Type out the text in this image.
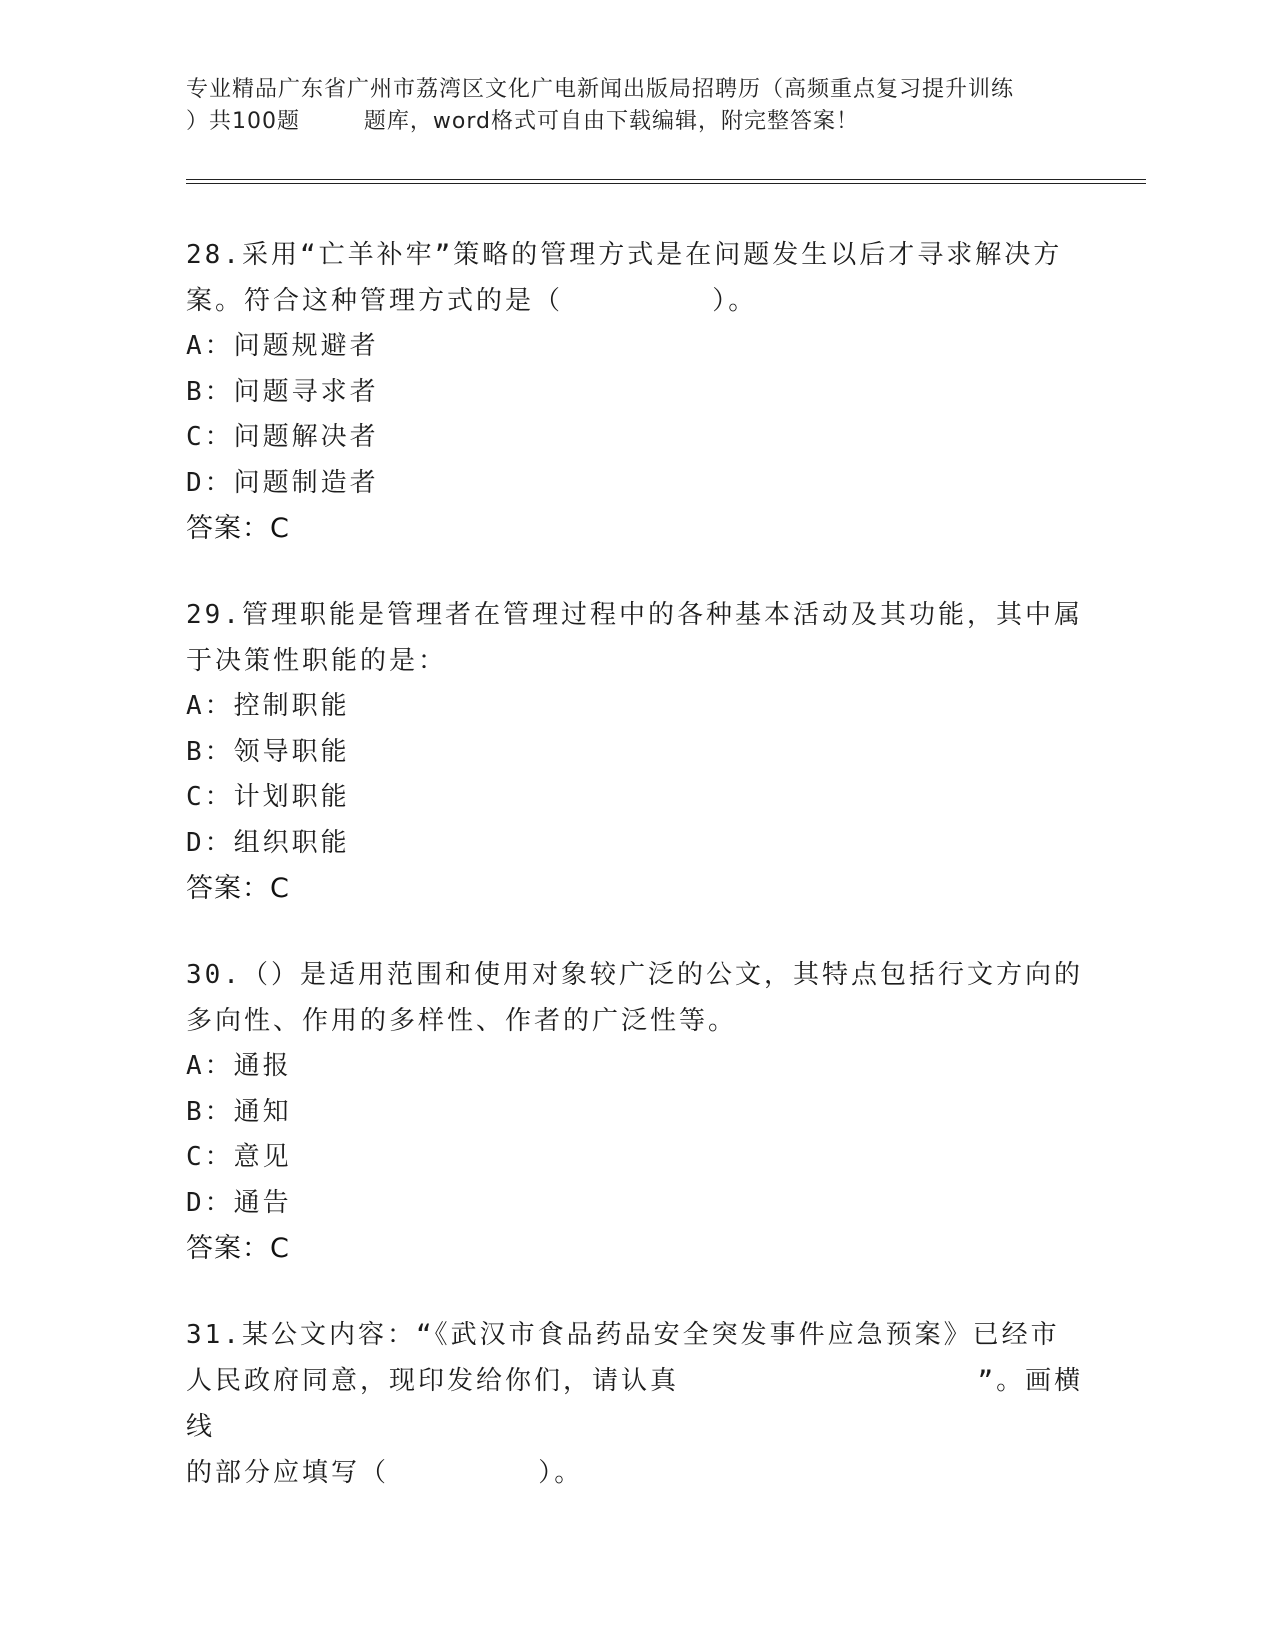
专业精品广东省广州市荔湾区文化广电新闻出版局招聘历（高频重点复习提升训练
）共100题        题库，word格式可自由下载编辑，附完整答案！
28.采用“亡羊补牢”策略的管理方式是在问题发生以后才寻求解决方
案。符合这种管理方式的是（        ）。
A：问题规避者
B：问题寻求者
C：问题解决者
D：问题制造者
答案：C
29.管理职能是管理者在管理过程中的各种基本活动及其功能，其中属
于决策性职能的是：
A：控制职能
B：领导职能
C：计划职能
D：组织职能
答案：C
30.（）是适用范围和使用对象较广泛的公文，其特点包括行文方向的
多向性、作用的多样性、作者的广泛性等。
A：通报
B：通知
C：意见
D：通告
答案：C
31.某公文内容：“《武汉市食品药品安全突发事件应急预案》已经市
人民政府同意，现印发给你们，请认真                ”。画横线
的部分应填写（        ）。
